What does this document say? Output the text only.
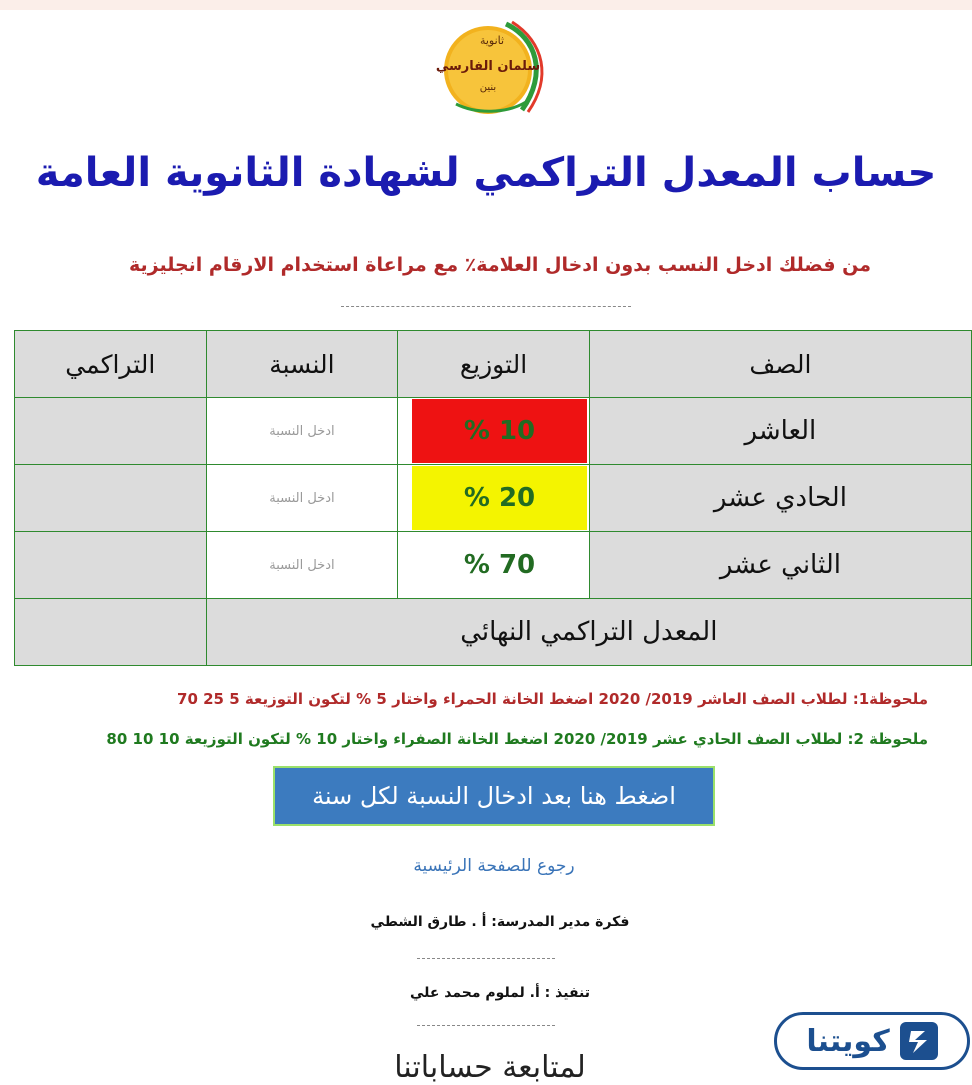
ثانوية
سلمان الفارسي
بنين
حساب المعدل التراكمي لشهادة الثانوية العامة
من فضلك ادخل النسب بدون ادخال العلامة٪ مع مراعاة استخدام الارقام انجليزية
الصف	التوزيع	النسبة	التراكمي
العاشر	% 10	ادخل النسبة	
الحادي عشر	% 20	ادخل النسبة	
الثاني عشر	% 70	ادخل النسبة	
المعدل التراكمي النهائي			
ملحوظة1: لطلاب الصف العاشر 2019/ 2020 اضغط الخانة الحمراء واختار 5 % لتكون التوزيعة 5 25 70
ملحوظة 2: لطلاب الصف الحادي عشر 2019/ 2020 اضغط الخانة الصفراء واختار 10 % لتكون التوزيعة 10 10 80
اضغط هنا بعد ادخال النسبة لكل سنة
رجوع للصفحة الرئيسية
فكرة مدير المدرسة: أ . طارق الشطي
تنفيذ : أ. لملوم محمد علي
لمتابعة حساباتنا
كويتنا
